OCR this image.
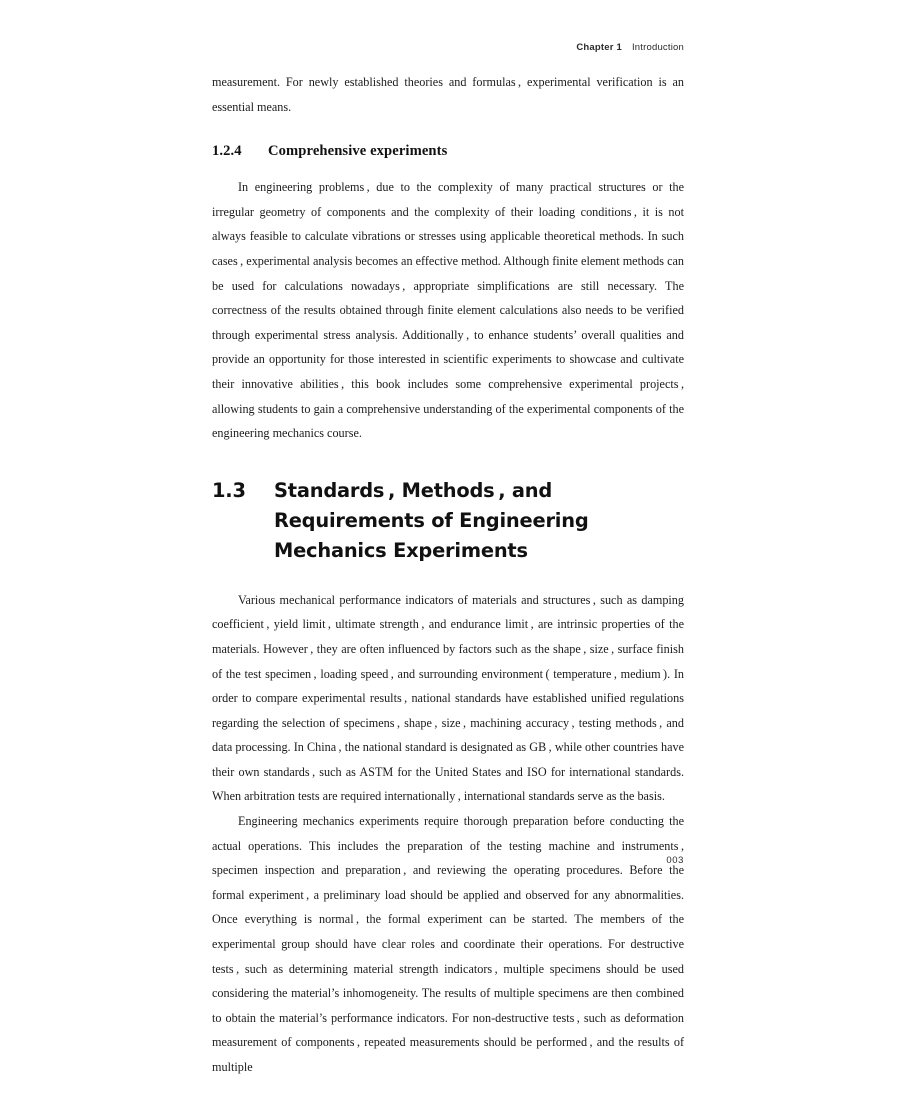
Chapter 1 Introduction

measurement. For newly established theories and formulas , experimental verification is an essential means.

1.2.4 Comprehensive experiments

In engineering problems , due to the complexity of many practical structures or the irregular geometry of components and the complexity of their loading conditions , it is not always feasible to calculate vibrations or stresses using applicable theoretical methods. In such cases , experimental analysis becomes an effective method. Although finite element methods can be used for calculations nowadays , appropriate simplifications are still necessary. The correctness of the results obtained through finite element calculations also needs to be verified through experimental stress analysis. Additionally , to enhance students’ overall qualities and provide an opportunity for those interested in scientific experiments to showcase and cultivate their innovative abilities , this book includes some comprehensive experimental projects , allowing students to gain a comprehensive understanding of the experimental components of the engineering mechanics course.

1.3	Standards , Methods , and Requirements of Engineering Mechanics Experiments

Various mechanical performance indicators of materials and structures , such as damping coefficient , yield limit , ultimate strength , and endurance limit , are intrinsic properties of the materials. However , they are often influenced by factors such as the shape , size , surface finish of the test specimen , loading speed , and surrounding environment ( temperature , medium ). In order to compare experimental results , national standards have established unified regulations regarding the selection of specimens , shape , size , machining accuracy , testing methods , and data processing. In China , the national standard is designated as GB , while other countries have their own standards , such as ASTM for the United States and ISO for international standards. When arbitration tests are required internationally , international standards serve as the basis.

Engineering mechanics experiments require thorough preparation before conducting the actual operations. This includes the preparation of the testing machine and instruments , specimen inspection and preparation , and reviewing the operating procedures. Before the formal experiment , a preliminary load should be applied and observed for any abnormalities. Once everything is normal , the formal experiment can be started. The members of the experimental group should have clear roles and coordinate their operations. For destructive tests , such as determining material strength indicators , multiple specimens should be used considering the material’s inhomogeneity. The results of multiple specimens are then combined to obtain the material’s performance indicators. For non-destructive tests , such as deformation measurement of components , repeated measurements should be performed , and the results of multiple

003
